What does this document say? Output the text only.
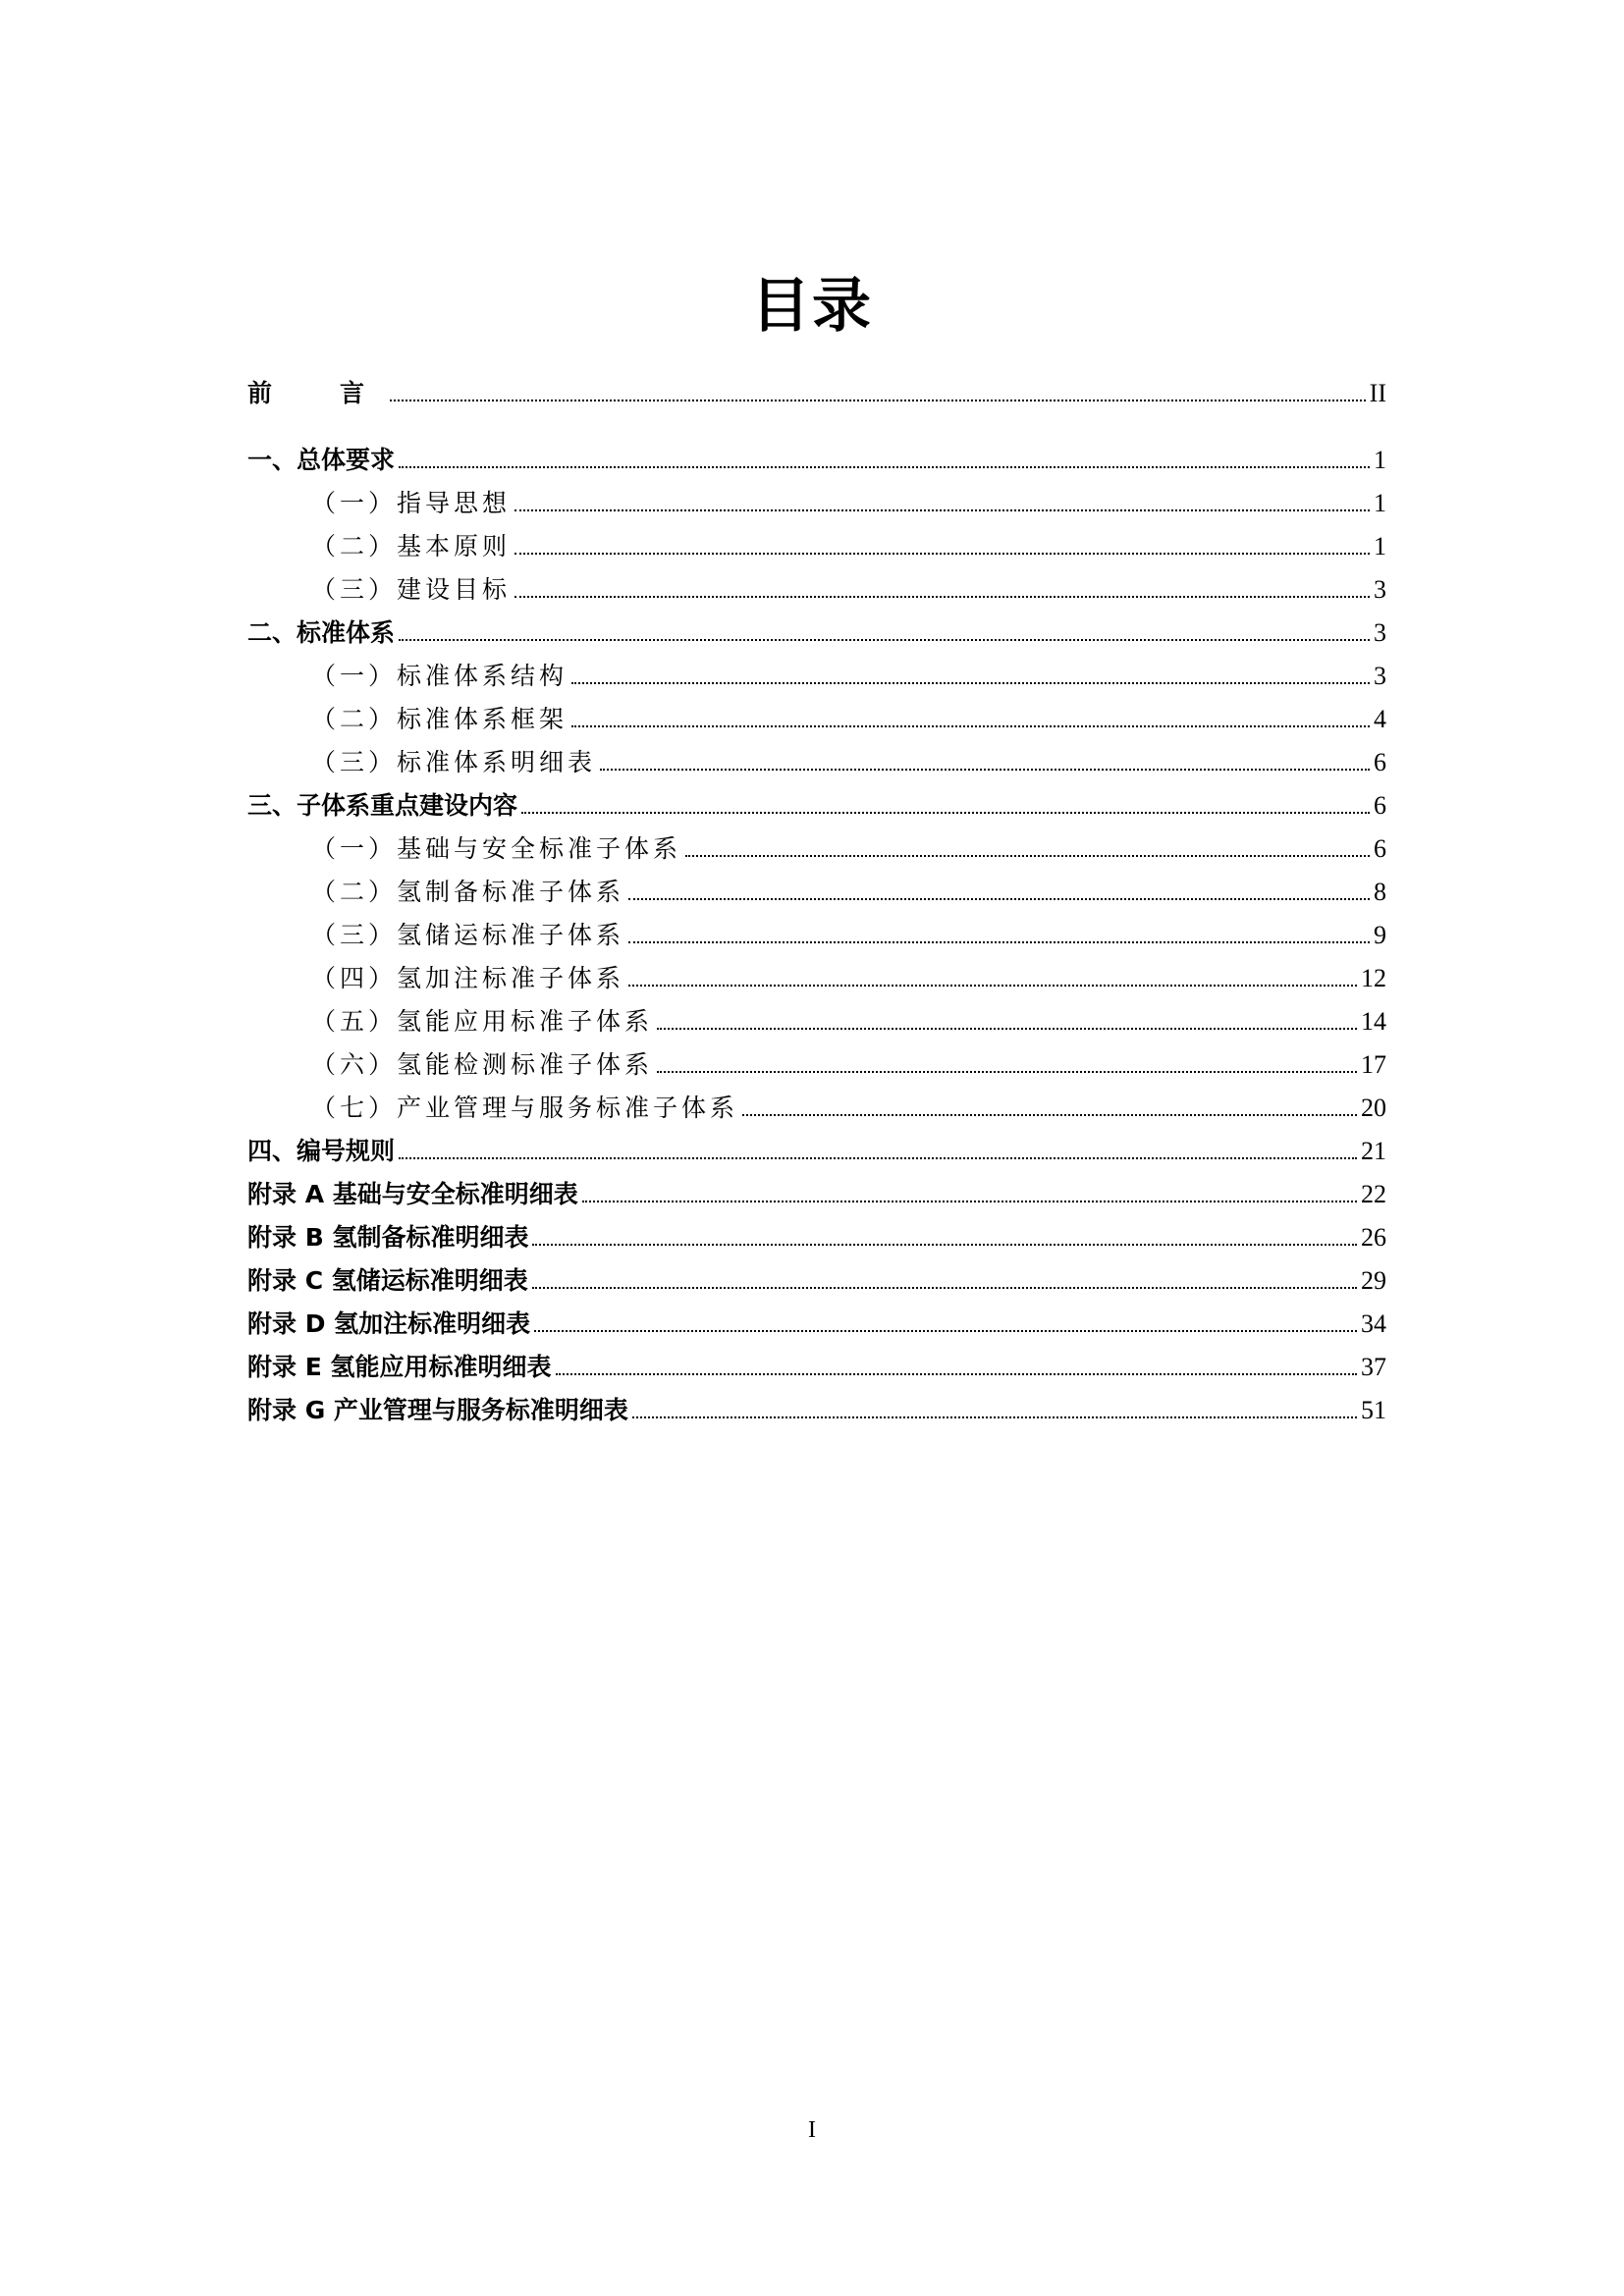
目录
前　言	II
一、总体要求	1
（一）指导思想	1
（二）基本原则	1
（三）建设目标	3
二、标准体系	3
（一）标准体系结构	3
（二）标准体系框架	4
（三）标准体系明细表	6
三、子体系重点建设内容	6
（一）基础与安全标准子体系	6
（二）氢制备标准子体系	8
（三）氢储运标准子体系	9
（四）氢加注标准子体系	12
（五）氢能应用标准子体系	14
（六）氢能检测标准子体系	17
（七）产业管理与服务标准子体系	20
四、编号规则	21
附录 A 基础与安全标准明细表	22
附录 B 氢制备标准明细表	26
附录 C 氢储运标准明细表	29
附录 D 氢加注标准明细表	34
附录 E 氢能应用标准明细表	37
附录 G 产业管理与服务标准明细表	51
I
